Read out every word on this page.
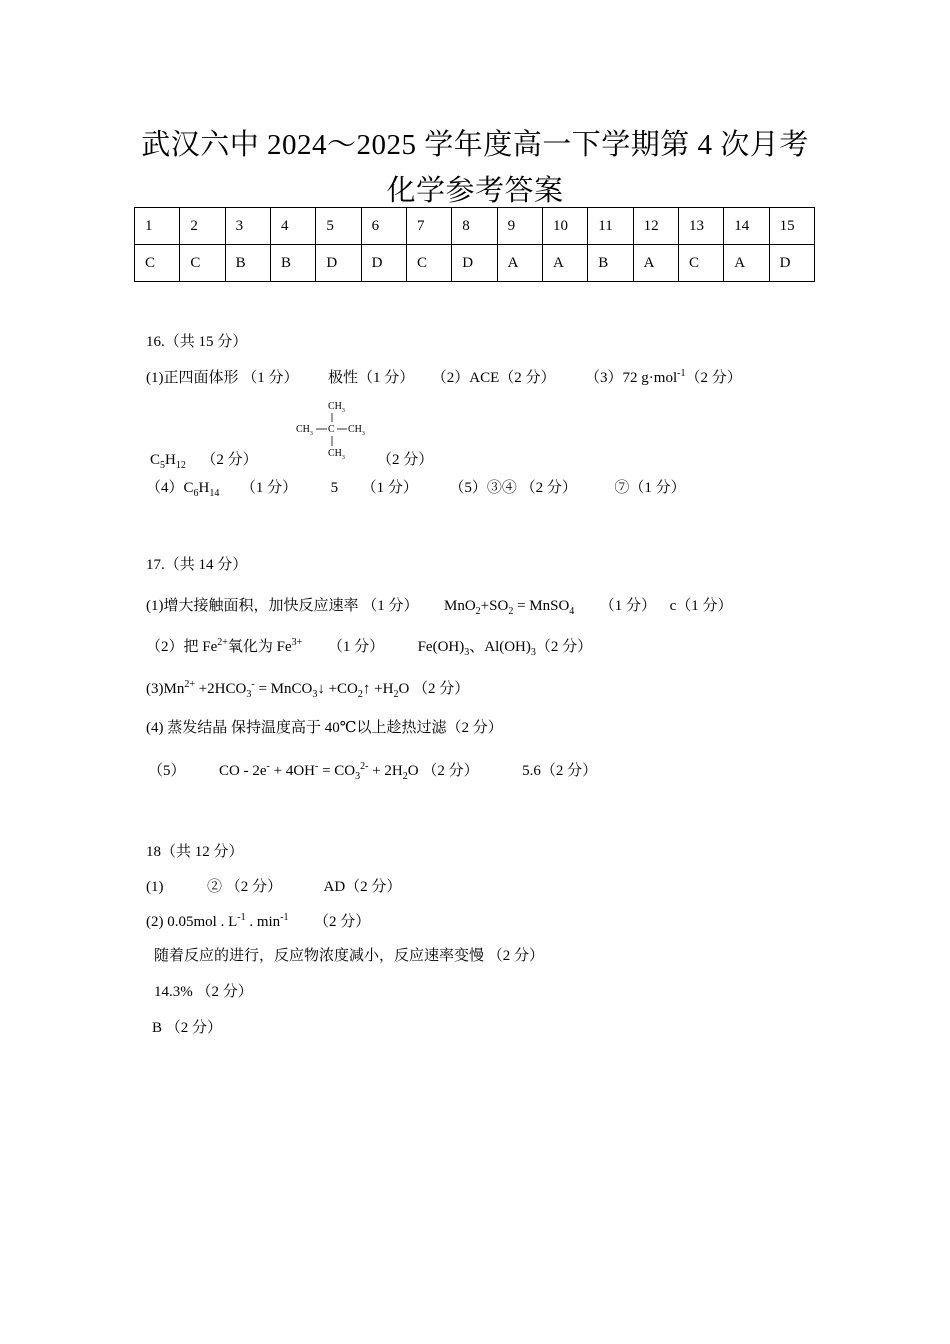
武汉六中 2024～2025 学年度高一下学期第 4 次月考
化学参考答案
1	2	3	4	5	6	7	8	9	10	11	12	13	14	15
C	C	B	B	D	D	C	D	A	A	B	A	C	A	D
16.（共 15 分）
(1)正四面体形 （1 分） 极性（1 分） （2）ACE（2 分） （3）72 g·mol$^{-1}$（2 分）
$C_5H_{12}$ （2 分）
$CH_3$
$CH_3$ C $CH_3$
$CH_3$ （2 分）
$(4)C_6H_{14}$ （1 分） 5 （1 分） （5）③④ （2 分）	⑦（1 分）
17.（共 14 分）
(1)增大接触面积，加快反应速率 （1 分） $MnO_2+SO_2$ = MnSO$_4$ （1 分） c（1 分）
（2）把 $Fe^{2+}$氧化为 $Fe^{3+}$ （1 分） $Fe(OH)_3$、$Al(OH)_3(2$ 分）
$(3)Mn^{2+} +2HCO_3^-$ = MnCO$_3$↓ $+CO_2↑ +H_2O$ （2 分）
(4) 蒸发结晶 保持温度高于 40℃以上趁热过滤（2 分）
（5） CO - $2e^- + 4OH^- = CO_3^{2-} + 2H_2O$ （2 分）	5.6（2 分）
18（共 12 分）
(1)	② （2 分）	AD（2 分）
(2) 0.05mol . $L^{-1}$ . $\min^{-1} (2$ 分）
随着反应的进行，反应物浓度减小，反应速率变慢 （2 分）
14.3% （2 分）
B （2 分）
